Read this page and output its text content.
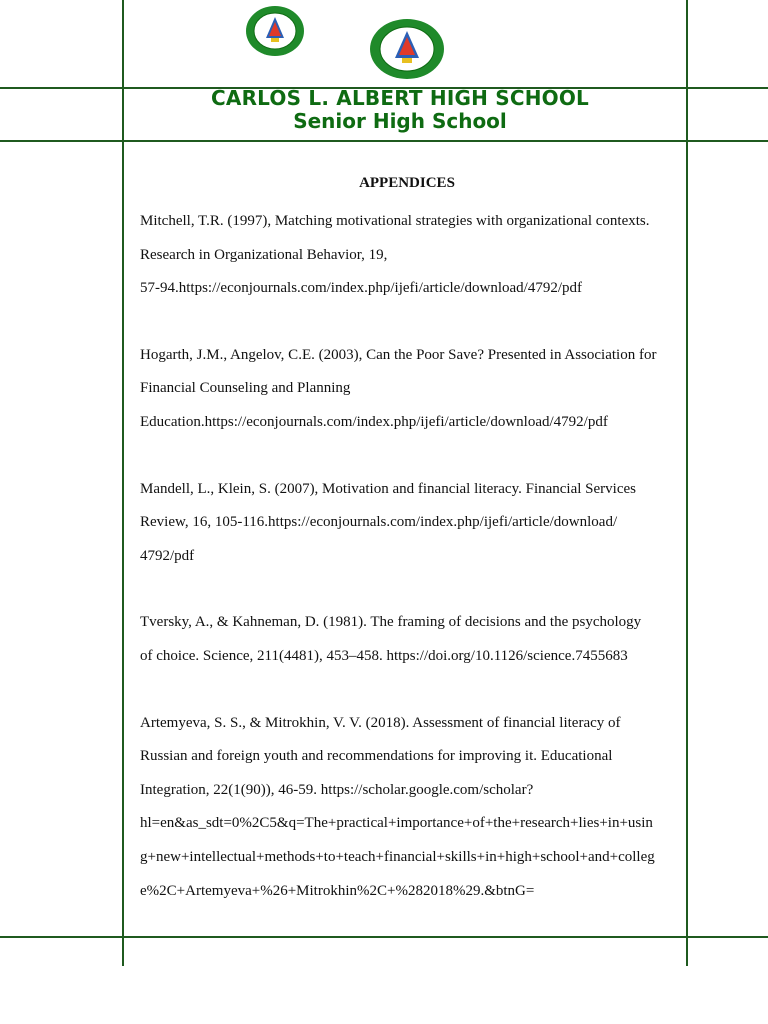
CARLOS L. ALBERT HIGH SCHOOL
Senior High School
APPENDICES
Mitchell, T.R. (1997), Matching motivational strategies with organizational contexts.
Research in Organizational Behavior, 19,
57-94.https://econjournals.com/index.php/ijefi/article/download/4792/pdf
Hogarth, J.M., Angelov, C.E. (2003), Can the Poor Save? Presented in Association for
Financial Counseling and Planning
Education.https://econjournals.com/index.php/ijefi/article/download/4792/pdf
Mandell, L., Klein, S. (2007), Motivation and financial literacy. Financial Services
Review, 16, 105-116.https://econjournals.com/index.php/ijefi/article/download/
4792/pdf
Tversky, A., & Kahneman, D. (1981). The framing of decisions and the psychology
of choice. Science, 211(4481), 453–458. https://doi.org/10.1126/science.7455683
Artemyeva, S. S., & Mitrokhin, V. V. (2018). Assessment of financial literacy of
Russian and foreign youth and recommendations for improving it. Educational
Integration, 22(1(90)), 46-59. https://scholar.google.com/scholar?
hl=en&as_sdt=0%2C5&q=The+practical+importance+of+the+research+lies+in+usin
g+new+intellectual+methods+to+teach+financial+skills+in+high+school+and+colleg
e%2C+Artemyeva+%26+Mitrokhin%2C+%282018%29.&btnG=
